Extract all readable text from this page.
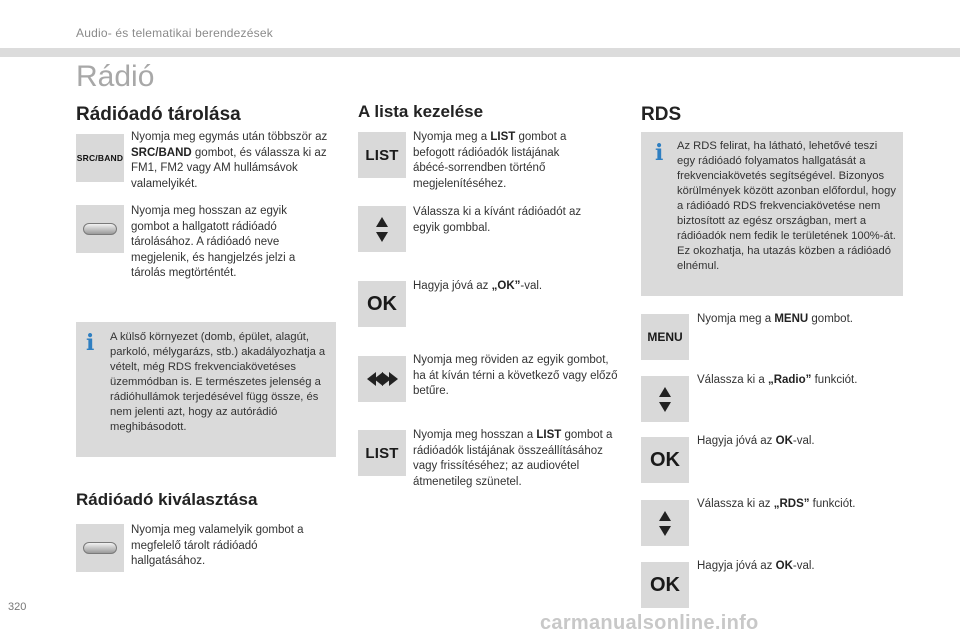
Audio- és telematikai berendezések
Rádió
Rádióadó tárolása
SRC/BAND
Nyomja meg egymás után többször az SRC/BAND gombot, és válassza ki az FM1, FM2 vagy AM hullámsávok valamelyikét.
Nyomja meg hosszan az egyik gombot a hallgatott rádióadó tárolásához. A rádióadó neve megjelenik, és hangjelzés jelzi a tárolás megtörténtét.
i A külső környezet (domb, épület, alagút, parkoló, mélygarázs, stb.) akadályozhatja a vételt, még RDS frekvenciakövetéses üzemmódban is. E természetes jelenség a rádióhullámok terjedésével függ össze, és nem jelenti azt, hogy az autórádió meghibásodott.
Rádióadó kiválasztása
Nyomja meg valamelyik gombot a megfelelő tárolt rádióadó hallgatásához.
A lista kezelése
LIST
Nyomja meg a LIST gombot a befogott rádióadók listájának ábécé-sorrendben történő megjelenítéséhez.
Válassza ki a kívánt rádióadót az egyik gombbal.
OK
Hagyja jóvá az „OK”-val.
Nyomja meg röviden az egyik gombot, ha át kíván térni a következő vagy előző betűre.
LIST
Nyomja meg hosszan a LIST gombot a rádióadók listájának összeállításához vagy frissítéséhez; az audiovétel átmenetileg szünetel.
RDS
i Az RDS felirat, ha látható, lehetővé teszi egy rádióadó folyamatos hallgatását a frekvenciakövetés segítségével. Bizonyos körülmények között azonban előfordul, hogy a rádióadó RDS frekvenciakövetése nem biztosított az egész országban, mert a rádióadók nem fedik le területének 100%-át. Ez okozhatja, ha utazás közben a rádióadó elnémul.
MENU
Nyomja meg a MENU gombot.
Válassza ki a „Radio” funkciót.
OK
Hagyja jóvá az OK-val.
Válassza ki az „RDS” funkciót.
OK
Hagyja jóvá az OK-val.
320
carmanualsonline.info
